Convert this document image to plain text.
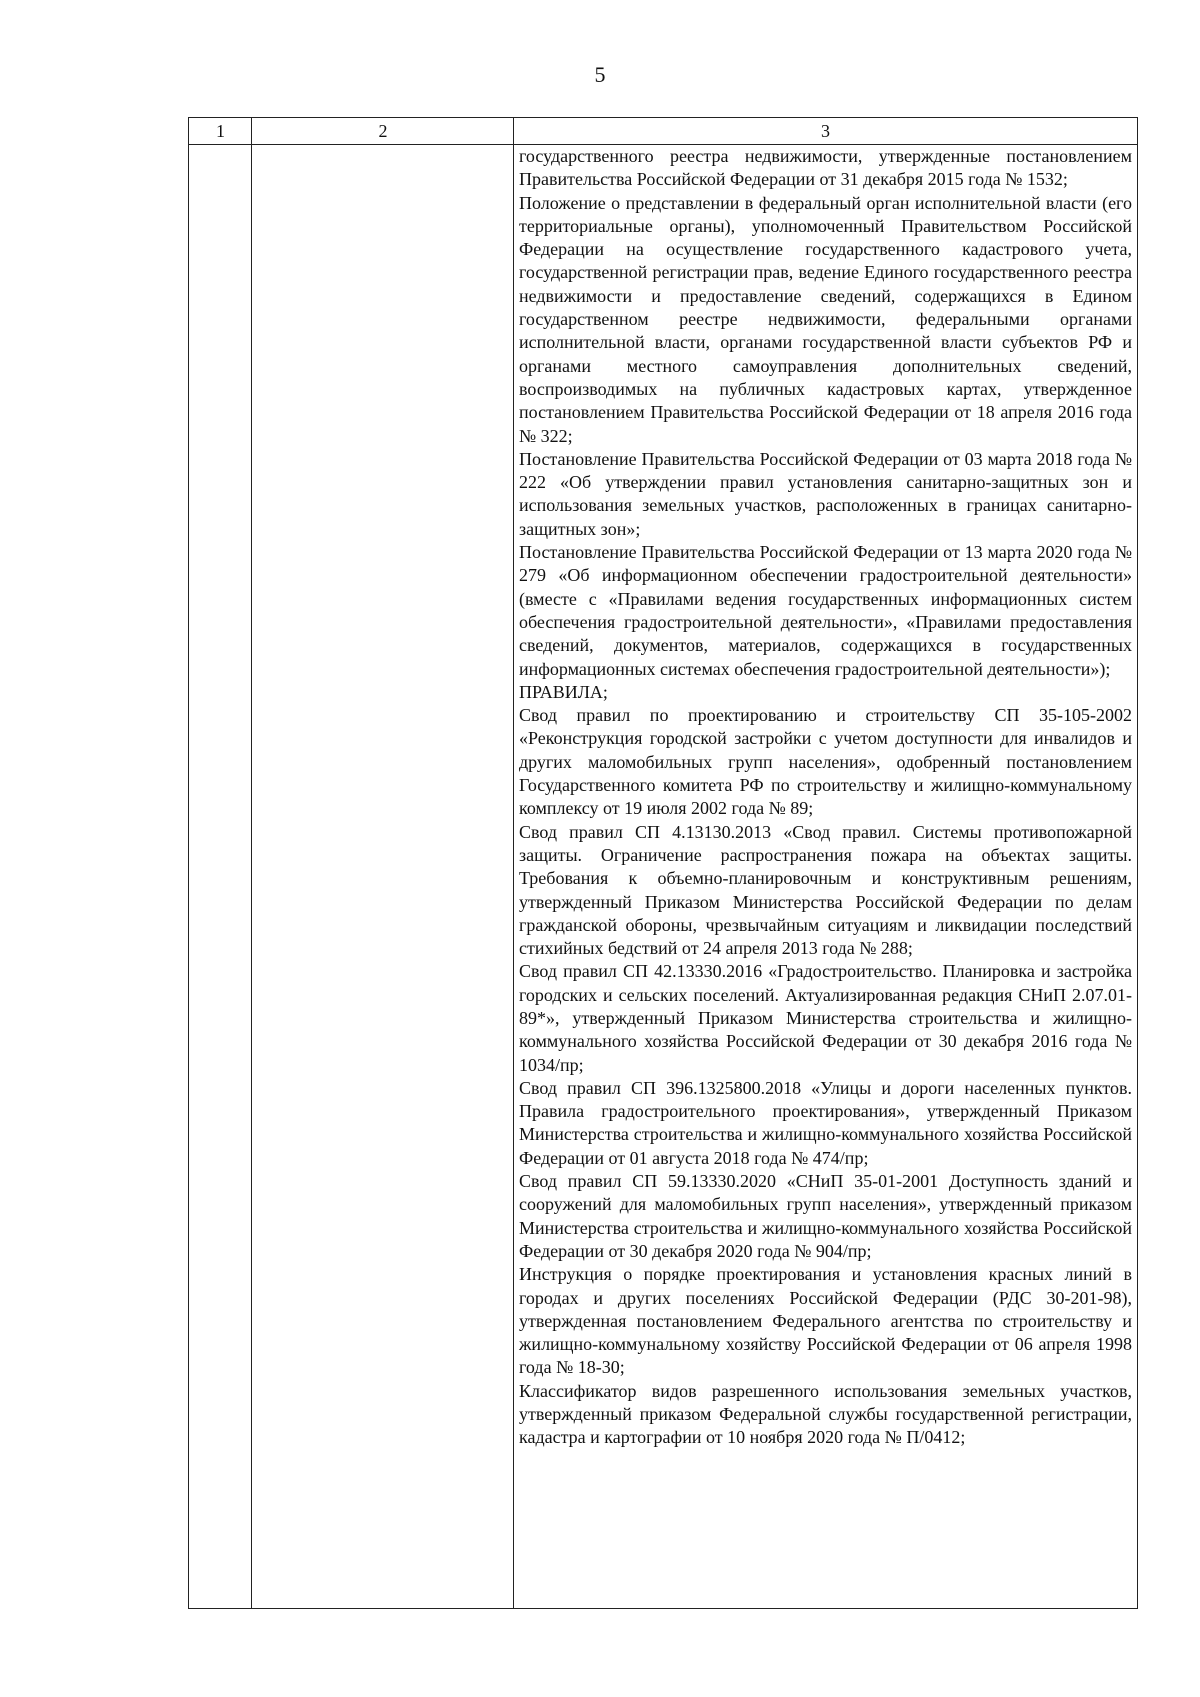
5
1	2	3

государственного реестра недвижимости, утвержденные постановлением Правительства Российской Федерации от 31 декабря 2015 года № 1532;

Положение о представлении в федеральный орган исполнительной власти (его территориальные органы), уполномоченный Правительством Российской Федерации на осуществление государственного кадастрового учета, государственной регистрации прав, ведение Единого государственного реестра недвижимости и предоставление сведений, содержащихся в Едином государственном реестре недвижимости, федеральными органами исполнительной власти, органами государственной власти субъектов РФ и органами местного самоуправления дополнительных сведений, воспроизводимых на публичных кадастровых картах, утвержденное постановлением Правительства Российской Федерации от 18 апреля 2016 года № 322;

Постановление Правительства Российской Федерации от 03 марта 2018 года № 222 «Об утверждении правил установления санитарно-защитных зон и использования земельных участков, расположенных в границах санитарно-защитных зон»;

Постановление Правительства Российской Федерации от 13 марта 2020 года № 279 «Об информационном обеспечении градостроительной деятельности» (вместе с «Правилами ведения государственных информационных систем обеспечения градостроительной деятельности», «Правилами предоставления сведений, документов, материалов, содержащихся в государственных информационных системах обеспечения градостроительной деятельности»);

ПРАВИЛА;

Свод правил по проектированию и строительству СП 35-105-2002 «Реконструкция городской застройки с учетом доступности для инвалидов и других маломобильных групп населения», одобренный постановлением Государственного комитета РФ по строительству и жилищно-коммунальному комплексу от 19 июля 2002 года № 89;

Свод правил СП 4.13130.2013 «Свод правил. Системы противопожарной защиты. Ограничение распространения пожара на объектах защиты. Требования к объемно-планировочным и конструктивным решениям, утвержденный Приказом Министерства Российской Федерации по делам гражданской обороны, чрезвычайным ситуациям и ликвидации последствий стихийных бедствий от 24 апреля 2013 года № 288;

Свод правил СП 42.13330.2016 «Градостроительство. Планировка и застройка городских и сельских поселений. Актуализированная редакция СНиП 2.07.01-89*», утвержденный Приказом Министерства строительства и жилищно-коммунального хозяйства Российской Федерации от 30 декабря 2016 года № 1034/пр;

Свод правил СП 396.1325800.2018 «Улицы и дороги населенных пунктов. Правила градостроительного проектирования», утвержденный Приказом Министерства строительства и жилищно-коммунального хозяйства Российской Федерации от 01 августа 2018 года № 474/пр;

Свод правил СП 59.13330.2020 «СНиП 35-01-2001 Доступность зданий и сооружений для маломобильных групп населения», утвержденный приказом Министерства строительства и жилищно-коммунального хозяйства Российской Федерации от 30 декабря 2020 года № 904/пр;

Инструкция о порядке проектирования и установления красных линий в городах и других поселениях Российской Федерации (РДС 30-201-98), утвержденная постановлением Федерального агентства по строительству и жилищно-коммунальному хозяйству Российской Федерации от 06 апреля 1998 года № 18-30;

Классификатор видов разрешенного использования земельных участков, утвержденный приказом Федеральной службы государственной регистрации, кадастра и картографии от 10 ноября 2020 года № П/0412;
